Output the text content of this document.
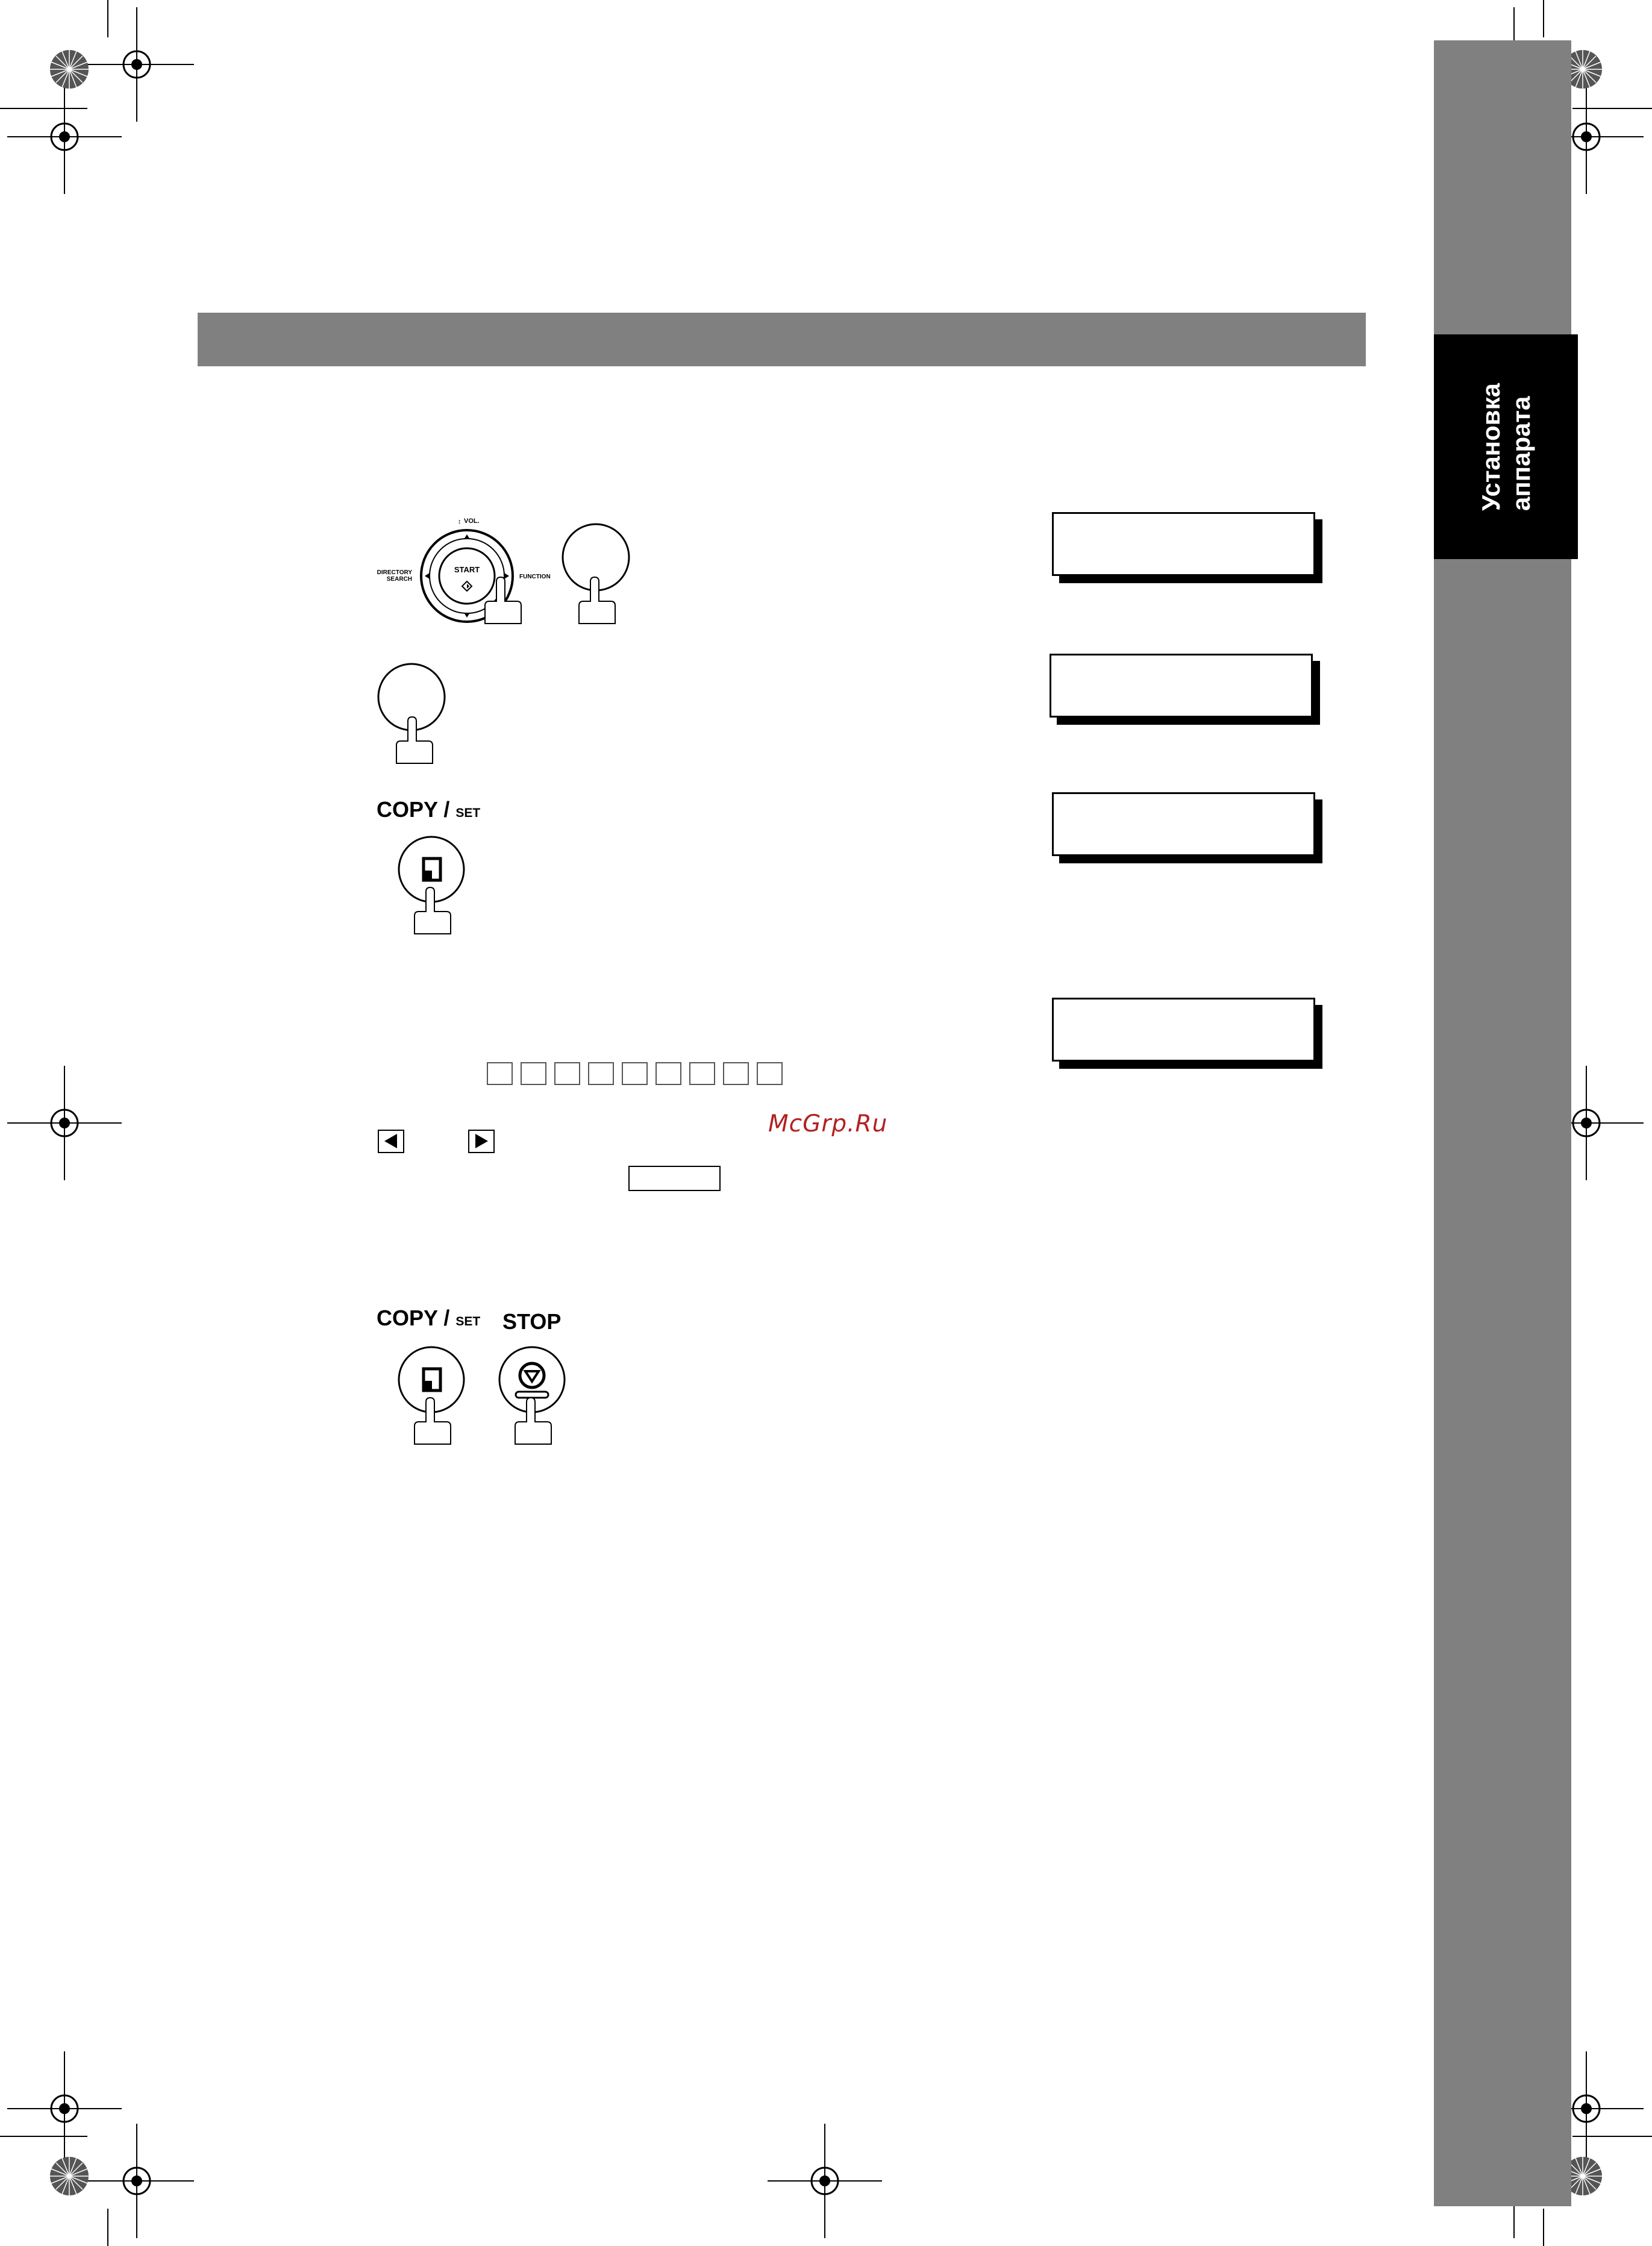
Установка аппарата
↕ VOL.
START
DIRECTORY
SEARCH	FUNCTION
COPY / SET
McGrp.Ru
COPY / SET STOP
